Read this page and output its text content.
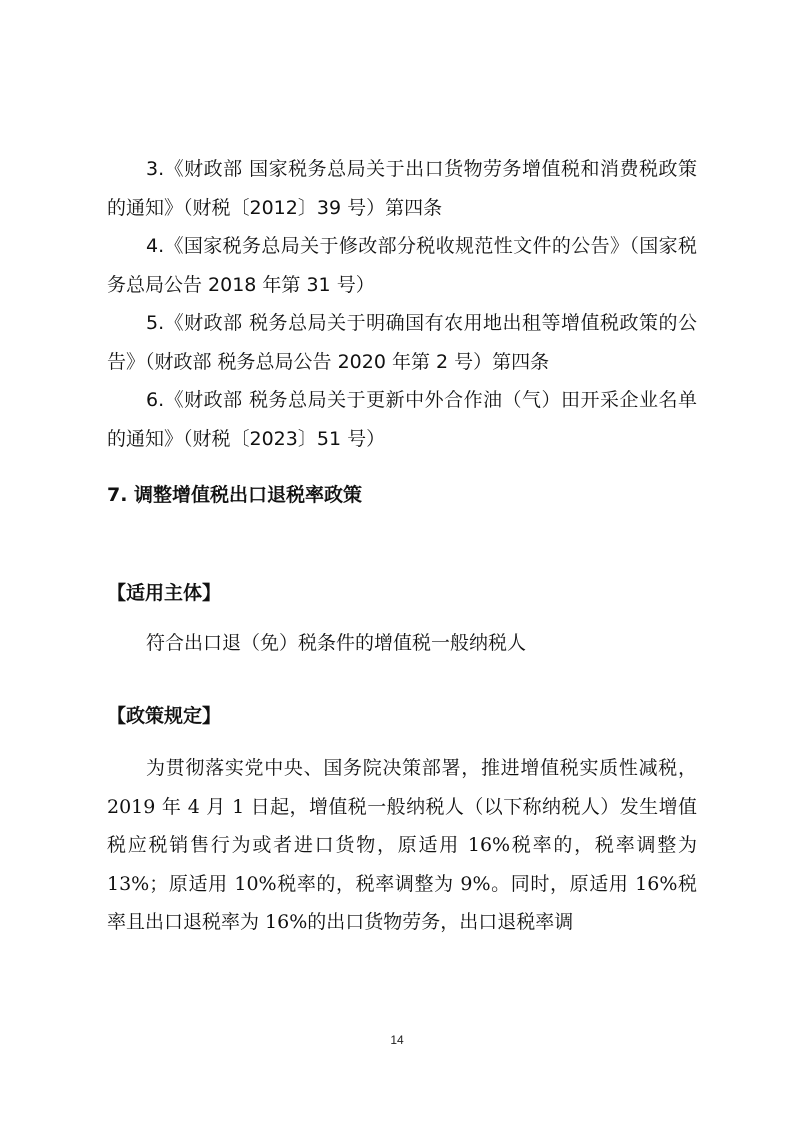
3.《财政部 国家税务总局关于出口货物劳务增值税和消费税政策的通知》（财税〔2012〕39 号）第四条
4.《国家税务总局关于修改部分税收规范性文件的公告》（国家税务总局公告 2018 年第 31 号）
5.《财政部 税务总局关于明确国有农用地出租等增值税政策的公告》（财政部 税务总局公告 2020 年第 2 号）第四条
6.《财政部 税务总局关于更新中外合作油（气）田开采企业名单的通知》（财税〔2023〕51 号）
7. 调整增值税出口退税率政策
【适用主体】

符合出口退（免）税条件的增值税一般纳税人

【政策规定】

为贯彻落实党中央、国务院决策部署，推进增值税实质性减税，2019 年 4 月 1 日起，增值税一般纳税人（以下称纳税人）发生增值税应税销售行为或者进口货物，原适用 16%税率的，税率调整为 13%；原适用 10%税率的，税率调整为 9%。同时，原适用 16%税率且出口退税率为 16%的出口货物劳务，出口退税率调

14
